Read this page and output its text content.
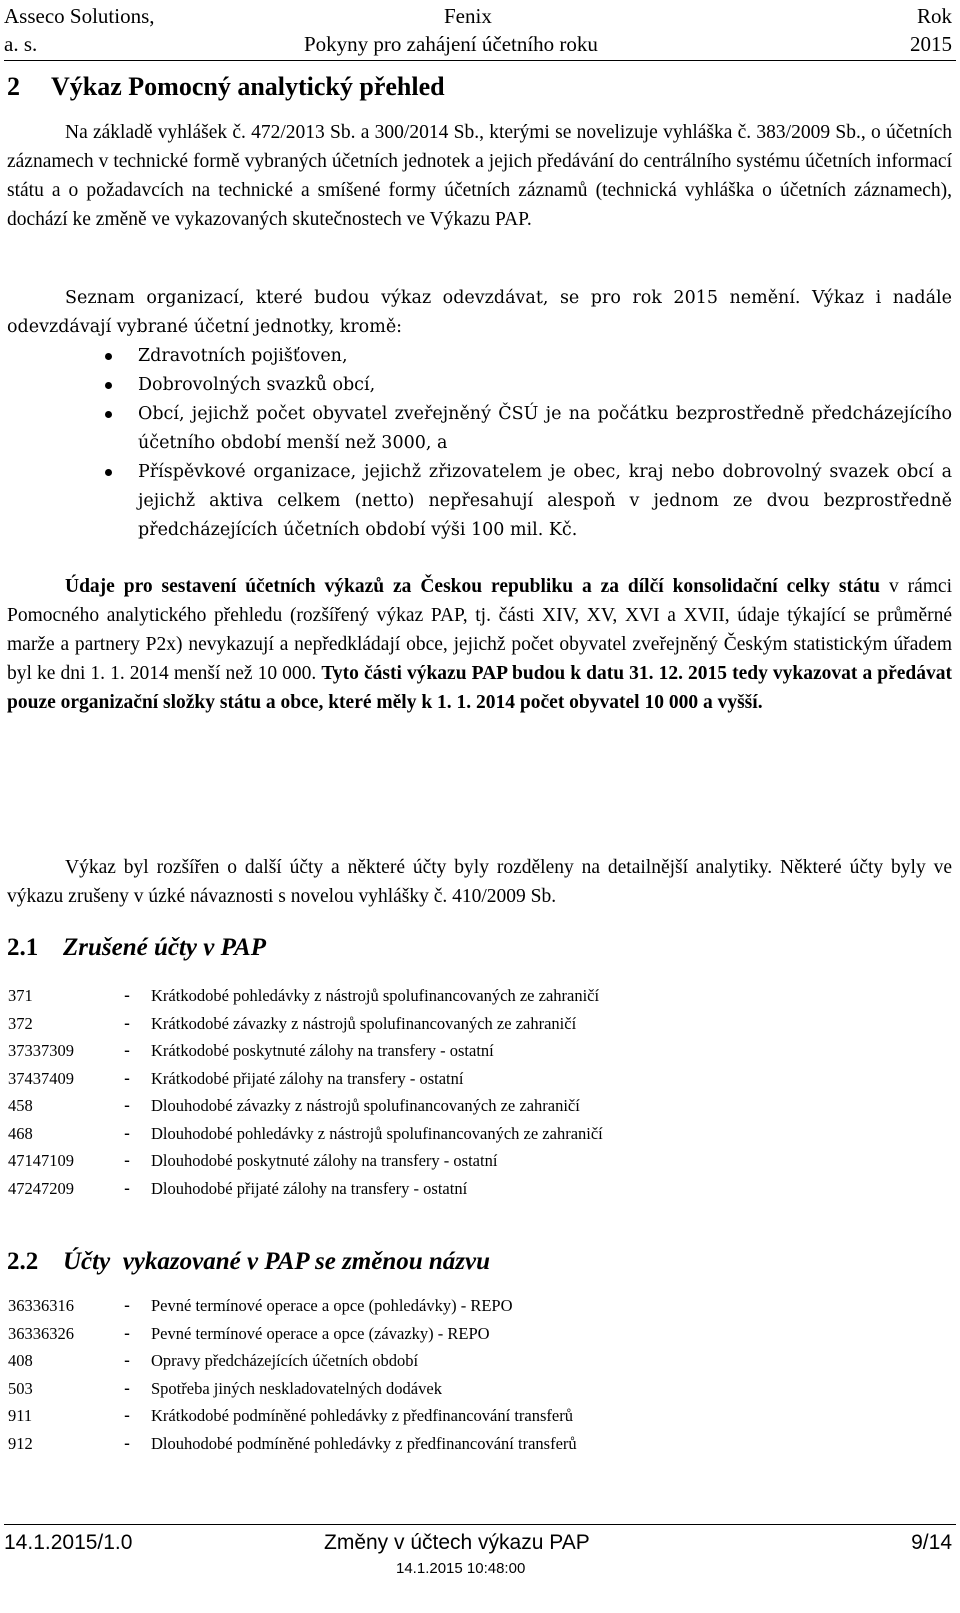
Asseco Solutions,
a. s.
Fenix
Pokyny pro zahájení účetního roku
Rok
2015
2 Výkaz Pomocný analytický přehled
Na základě vyhlášek č. 472/2013 Sb. a 300/2014 Sb., kterými se novelizuje vyhláška č. 383/2009 Sb., o účetních záznamech v technické formě vybraných účetních jednotek a jejich předávání do centrálního systému účetních informací státu a o požadavcích na technické a smíšené formy účetních záznamů (technická vyhláška o účetních záznamech), dochází ke změně ve vykazovaných skutečnostech ve Výkazu PAP.
Seznam organizací, které budou výkaz odevzdávat, se pro rok 2015 nemění. Výkaz i nadále odevzdávají vybrané účetní jednotky, kromě:
Zdravotních pojišťoven,
Dobrovolných svazků obcí,
Obcí, jejichž počet obyvatel zveřejněný ČSÚ je na počátku bezprostředně předcházejícího účetního období menší než 3000, a
Příspěvkové organizace, jejichž zřizovatelem je obec, kraj nebo dobrovolný svazek obcí a jejichž aktiva celkem (netto) nepřesahují alespoň v jednom ze dvou bezprostředně předcházejících účetních období výši 100 mil. Kč.
Údaje pro sestavení účetních výkazů za Českou republiku a za dílčí konsolidační celky státu v rámci Pomocného analytického přehledu (rozšířený výkaz PAP, tj. části XIV, XV, XVI a XVII, údaje týkající se průměrné marže a partnery P2x) nevykazují a nepředkládají obce, jejichž počet obyvatel zveřejněný Českým statistickým úřadem byl ke dni 1. 1. 2014 menší než 10 000. Tyto části výkazu PAP budou k datu 31. 12. 2015 tedy vykazovat a předávat pouze organizační složky státu a obce, které měly k 1. 1. 2014 počet obyvatel 10 000 a vyšší.
Výkaz byl rozšířen o další účty a některé účty byly rozděleny na detailnější analytiky. Některé účty byly ve výkazu zrušeny v úzké návaznosti s novelou vyhlášky č. 410/2009 Sb.
2.1 Zrušené účty v PAP
371	- Krátkodobé pohledávky z nástrojů spolufinancovaných ze zahraničí
372	- Krátkodobé závazky z nástrojů spolufinancovaných ze zahraničí
37337309	- Krátkodobé poskytnuté zálohy na transfery - ostatní
37437409	- Krátkodobé přijaté zálohy na transfery - ostatní
458	- Dlouhodobé závazky z nástrojů spolufinancovaných ze zahraničí
468	- Dlouhodobé pohledávky z nástrojů spolufinancovaných ze zahraničí
47147109	- Dlouhodobé poskytnuté zálohy na transfery - ostatní
47247209	- Dlouhodobé přijaté zálohy na transfery - ostatní
2.2 Účty  vykazované v PAP se změnou názvu
36336316	- Pevné termínové operace a opce (pohledávky) - REPO
36336326	- Pevné termínové operace a opce (závazky) - REPO
408	- Opravy předcházejících účetních období
503	- Spotřeba jiných neskladovatelných dodávek
911	- Krátkodobé podmíněné pohledávky z předfinancování transferů
912	- Dlouhodobé podmíněné pohledávky z předfinancování transferů
14.1.2015/1.0	Změny v účtech výkazu PAP	9/14
14.1.2015 10:48:00
